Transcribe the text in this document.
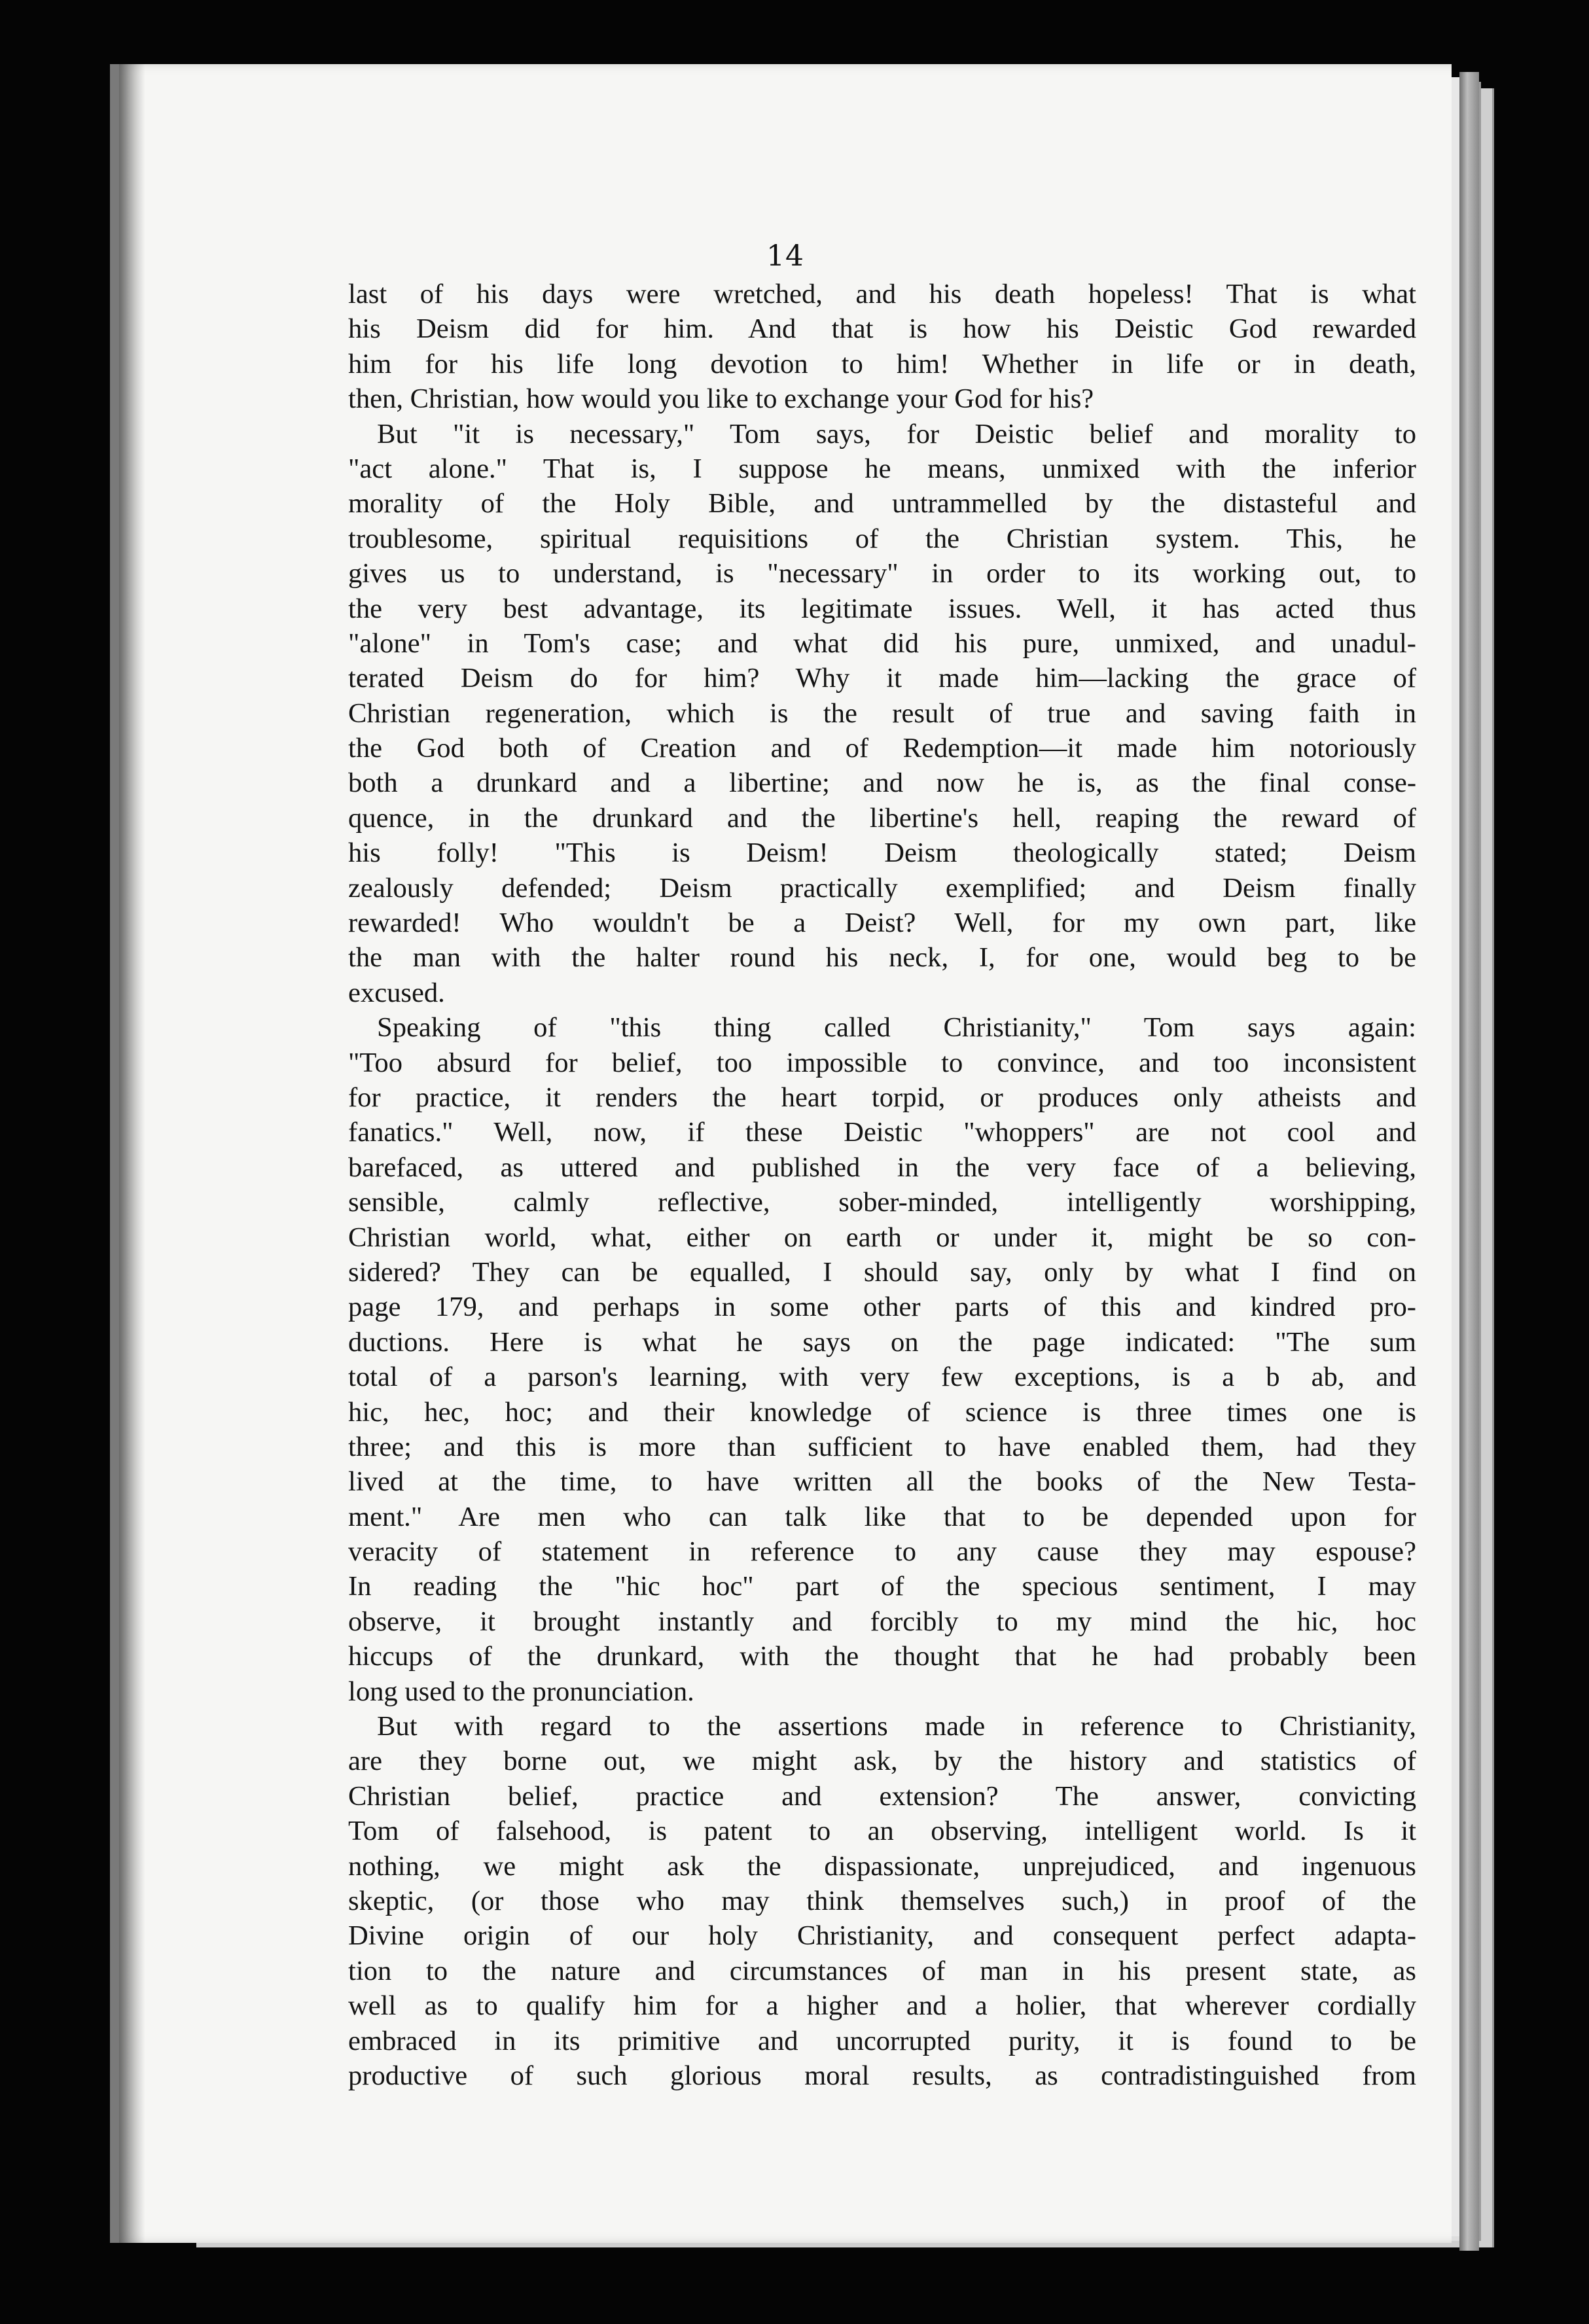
14
last of his days were wretched, and his death hopeless! That is what
his Deism did for him. And that is how his Deistic God rewarded
him for his life long devotion to him! Whether in life or in death,
then, Christian, how would you like to exchange your God for his?
But "it is necessary," Tom says, for Deistic belief and morality to
"act alone." That is, I suppose he means, unmixed with the inferior
morality of the Holy Bible, and untrammelled by the distasteful and
troublesome, spiritual requisitions of the Christian system. This, he
gives us to understand, is "necessary" in order to its working out, to
the very best advantage, its legitimate issues. Well, it has acted thus
"alone" in Tom's case; and what did his pure, unmixed, and unadul-
terated Deism do for him? Why it made him—lacking the grace of
Christian regeneration, which is the result of true and saving faith in
the God both of Creation and of Redemption—it made him notoriously
both a drunkard and a libertine; and now he is, as the final conse-
quence, in the drunkard and the libertine's hell, reaping the reward of
his folly! "This is Deism! Deism theologically stated; Deism
zealously defended; Deism practically exemplified; and Deism finally
rewarded! Who wouldn't be a Deist? Well, for my own part, like
the man with the halter round his neck, I, for one, would beg to be
excused.
Speaking of "this thing called Christianity," Tom says again:
"Too absurd for belief, too impossible to convince, and too inconsistent
for practice, it renders the heart torpid, or produces only atheists and
fanatics." Well, now, if these Deistic "whoppers" are not cool and
barefaced, as uttered and published in the very face of a believing,
sensible, calmly reflective, sober-minded, intelligently worshipping,
Christian world, what, either on earth or under it, might be so con-
sidered? They can be equalled, I should say, only by what I find on
page 179, and perhaps in some other parts of this and kindred pro-
ductions. Here is what he says on the page indicated: "The sum
total of a parson's learning, with very few exceptions, is a b ab, and
hic, hec, hoc; and their knowledge of science is three times one is
three; and this is more than sufficient to have enabled them, had they
lived at the time, to have written all the books of the New Testa-
ment." Are men who can talk like that to be depended upon for
veracity of statement in reference to any cause they may espouse?
In reading the "hic hoc" part of the specious sentiment, I may
observe, it brought instantly and forcibly to my mind the hic, hoc
hiccups of the drunkard, with the thought that he had probably been
long used to the pronunciation.
But with regard to the assertions made in reference to Christianity,
are they borne out, we might ask, by the history and statistics of
Christian belief, practice and extension? The answer, convicting
Tom of falsehood, is patent to an observing, intelligent world. Is it
nothing, we might ask the dispassionate, unprejudiced, and ingenuous
skeptic, (or those who may think themselves such,) in proof of the
Divine origin of our holy Christianity, and consequent perfect adapta-
tion to the nature and circumstances of man in his present state, as
well as to qualify him for a higher and a holier, that wherever cordially
embraced in its primitive and uncorrupted purity, it is found to be
productive of such glorious moral results, as contradistinguished from
